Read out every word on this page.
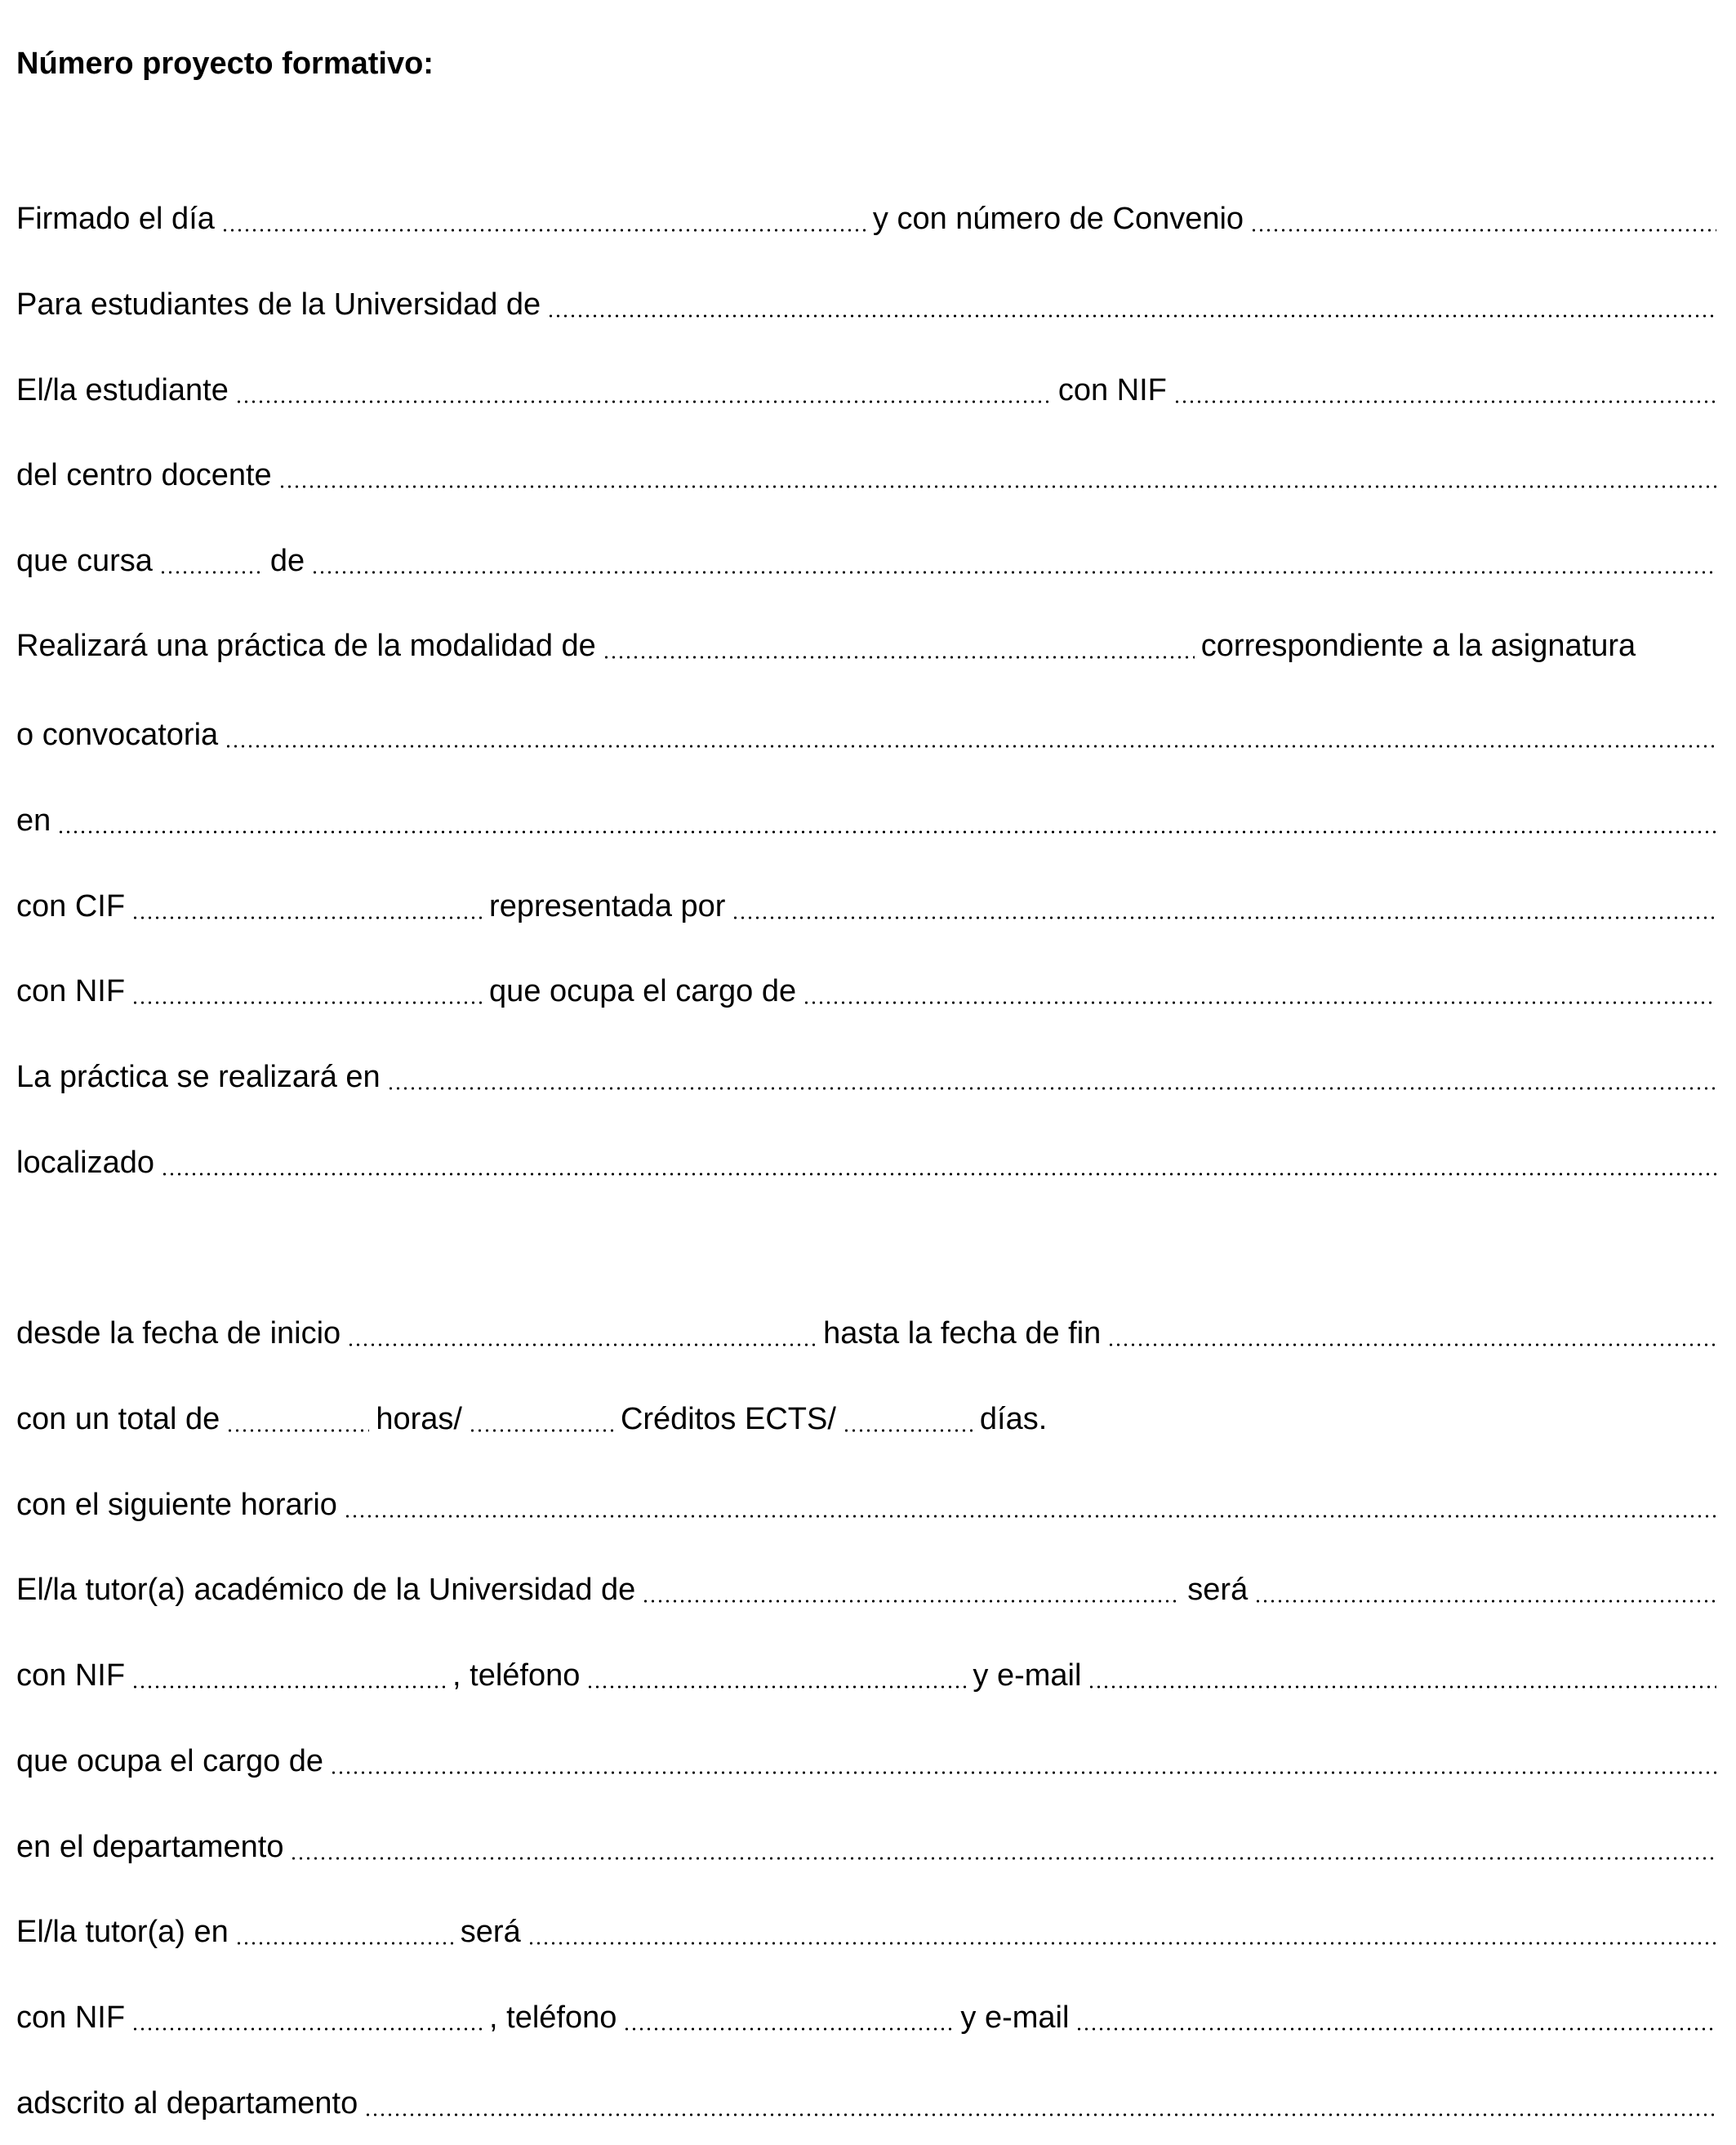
Número proyecto formativo:
Firmado el día	y con número de Convenio
Para estudiantes de la Universidad de
El/la estudiante	con NIF
del centro docente
que cursa	de
Realizará una práctica de la modalidad de	correspondiente a la asignatura
o convocatoria
en
con CIF	representada por
con NIF	que ocupa el cargo de
La práctica se realizará en
localizado
desde la fecha de inicio	hasta la fecha de fin
con un total de	horas/	Créditos ECTS/	días.
con el siguiente horario
El/la tutor(a) académico de la Universidad de	será
con NIF	, teléfono	y e-mail
que ocupa el cargo de
en el departamento
El/la tutor(a) en	será
con NIF	, teléfono	y e-mail
adscrito al departamento
